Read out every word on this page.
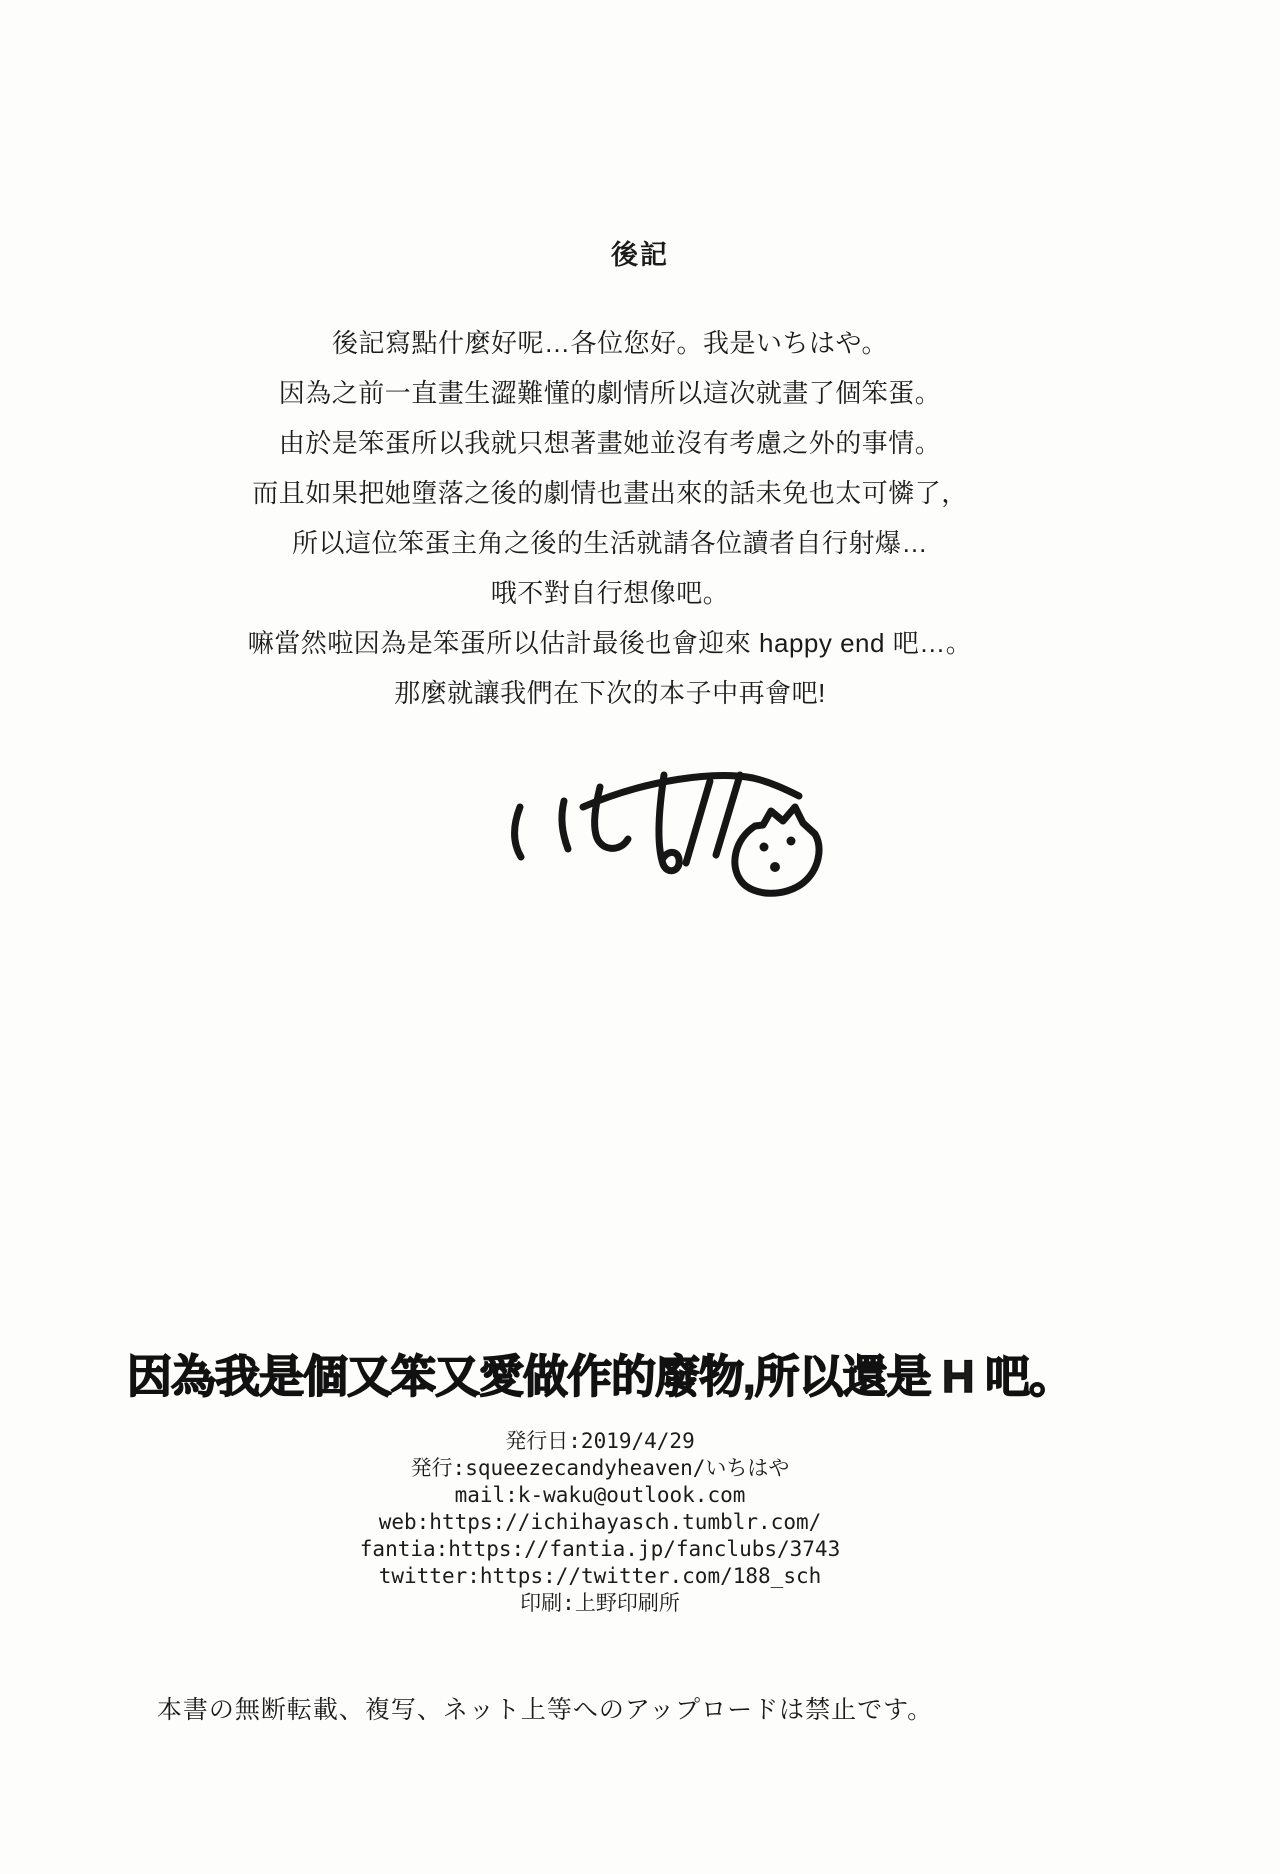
後記

後記寫點什麼好呢…各位您好。我是いちはや。

因為之前一直畫生澀難懂的劇情所以這次就畫了個笨蛋。

由於是笨蛋所以我就只想著畫她並沒有考慮之外的事情。

而且如果把她墮落之後的劇情也畫出來的話未免也太可憐了，

所以這位笨蛋主角之後的生活就請各位讀者自行射爆…

哦不對自行想像吧。

嘛當然啦因為是笨蛋所以估計最後也會迎來 happy end 吧…。

那麼就讓我們在下次的本子中再會吧!

因為我是個又笨又愛做作的廢物,所以還是 H 吧。

発行日:2019/4/29

発行:squeezecandyheaven/いちはや

mail:k-waku@outlook.com

web:https://ichihayasch.tumblr.com/

fantia:https://fantia.jp/fanclubs/3743

twitter:https://twitter.com/188_sch

印刷:上野印刷所

本書の無断転載、複写、ネット上等へのアップロードは禁止です。
